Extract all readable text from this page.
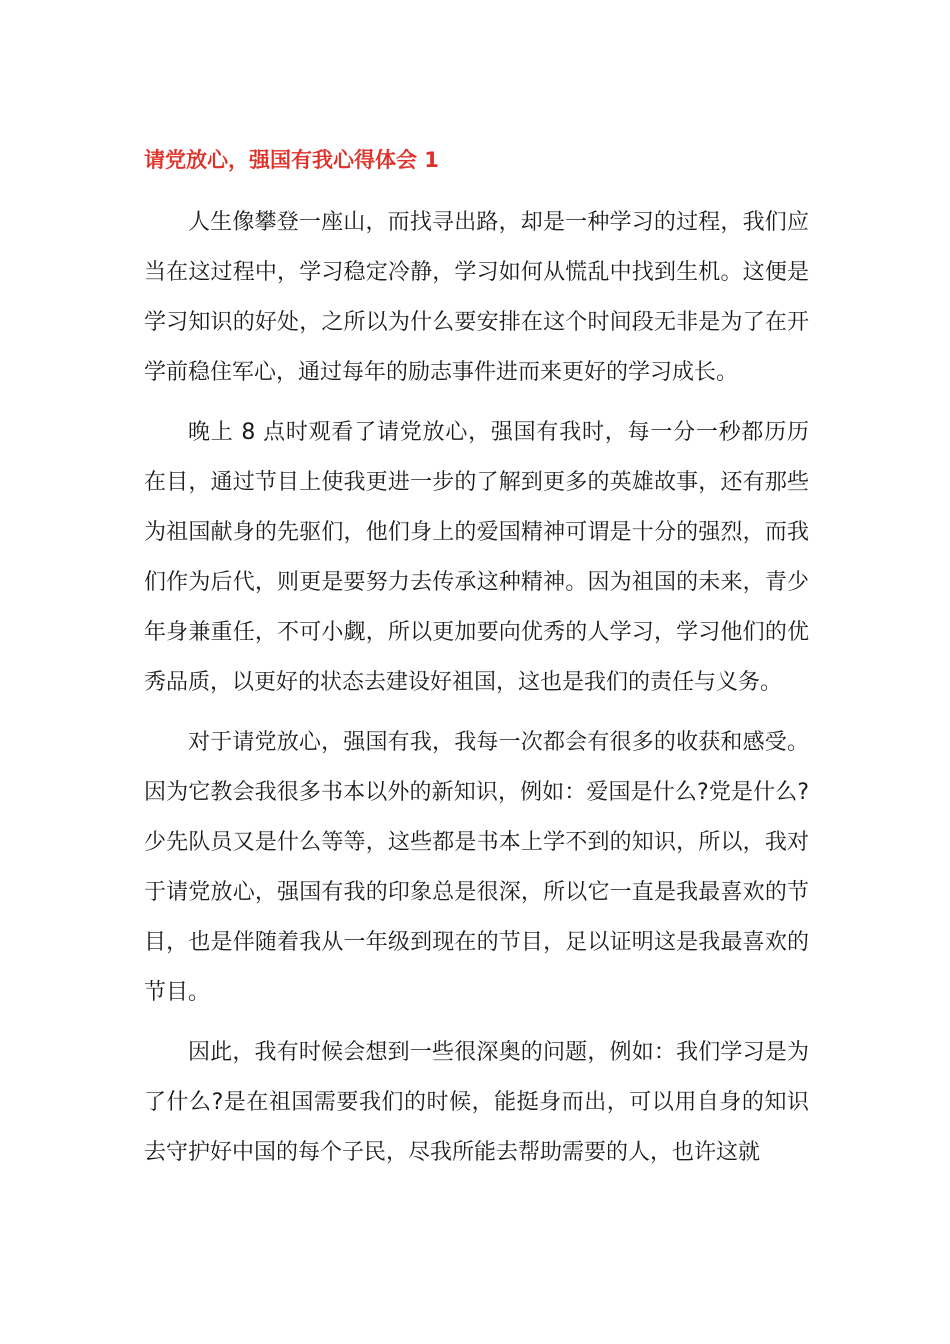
请党放心，强国有我心得体会 1

人生像攀登一座山，而找寻出路，却是一种学习的过程，我们应当在这过程中，学习稳定冷静，学习如何从慌乱中找到生机。这便是学习知识的好处，之所以为什么要安排在这个时间段无非是为了在开学前稳住军心，通过每年的励志事件进而来更好的学习成长。

晚上 8 点时观看了请党放心，强国有我时，每一分一秒都历历在目，通过节目上使我更进一步的了解到更多的英雄故事，还有那些为祖国献身的先驱们，他们身上的爱国精神可谓是十分的强烈，而我们作为后代，则更是要努力去传承这种精神。因为祖国的未来，青少年身兼重任，不可小觑，所以更加要向优秀的人学习，学习他们的优秀品质，以更好的状态去建设好祖国，这也是我们的责任与义务。

对于请党放心，强国有我，我每一次都会有很多的收获和感受。因为它教会我很多书本以外的新知识，例如：爱国是什么?党是什么?少先队员又是什么等等，这些都是书本上学不到的知识，所以，我对于请党放心，强国有我的印象总是很深，所以它一直是我最喜欢的节目，也是伴随着我从一年级到现在的节目，足以证明这是我最喜欢的节目。

因此，我有时候会想到一些很深奥的问题，例如：我们学习是为了什么?是在祖国需要我们的时候，能挺身而出，可以用自身的知识去守护好中国的每个子民，尽我所能去帮助需要的人，也许这就
